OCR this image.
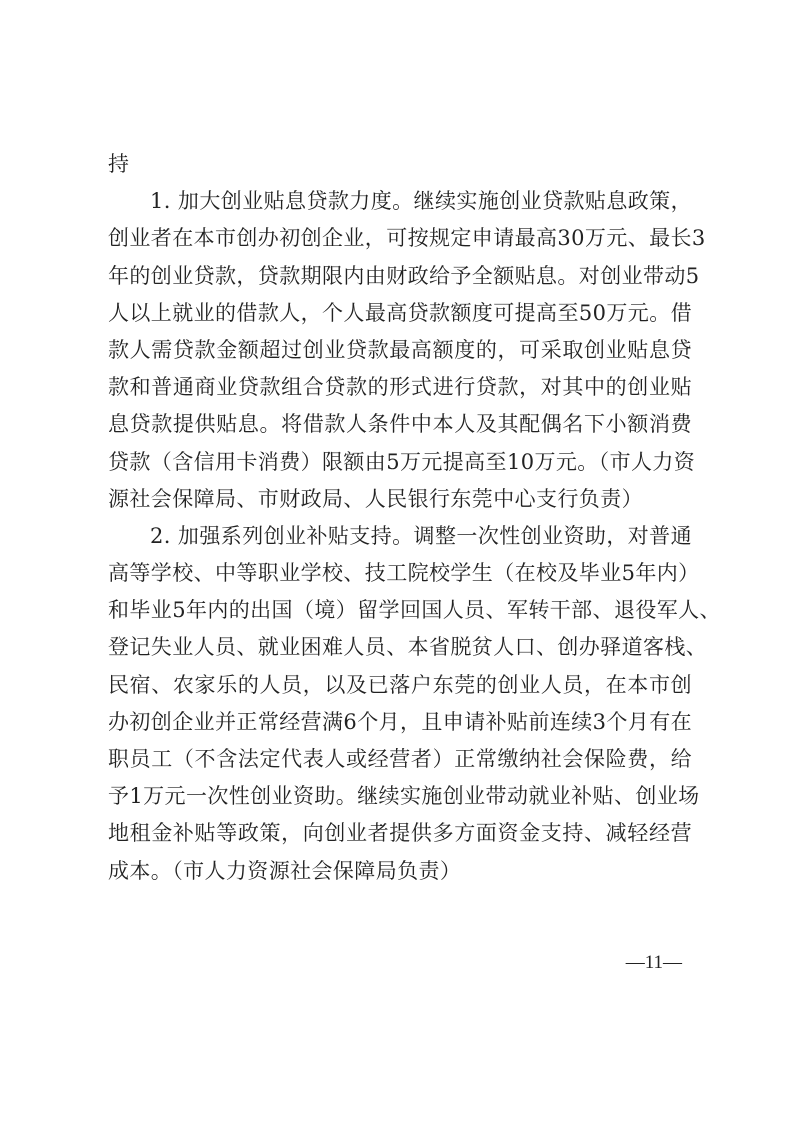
持
1. 加大创业贴息贷款力度。继续实施创业贷款贴息政策，
创业者在本市创办初创企业，可按规定申请最高30万元、最长3
年的创业贷款，贷款期限内由财政给予全额贴息。对创业带动5
人以上就业的借款人，个人最高贷款额度可提高至50万元。借
款人需贷款金额超过创业贷款最高额度的，可采取创业贴息贷
款和普通商业贷款组合贷款的形式进行贷款，对其中的创业贴
息贷款提供贴息。将借款人条件中本人及其配偶名下小额消费
贷款（含信用卡消费）限额由5万元提高至10万元。（市人力资
源社会保障局、市财政局、人民银行东莞中心支行负责）
2. 加强系列创业补贴支持。调整一次性创业资助，对普通
高等学校、中等职业学校、技工院校学生（在校及毕业5年内）
和毕业5年内的出国（境）留学回国人员、军转干部、退役军人、
登记失业人员、就业困难人员、本省脱贫人口、创办驿道客栈、
民宿、农家乐的人员，以及已落户东莞的创业人员，在本市创
办初创企业并正常经营满6个月，且申请补贴前连续3个月有在
职员工（不含法定代表人或经营者）正常缴纳社会保险费，给
予1万元一次性创业资助。继续实施创业带动就业补贴、创业场
地租金补贴等政策，向创业者提供多方面资金支持、减轻经营
成本。（市人力资源社会保障局负责）
—11—
